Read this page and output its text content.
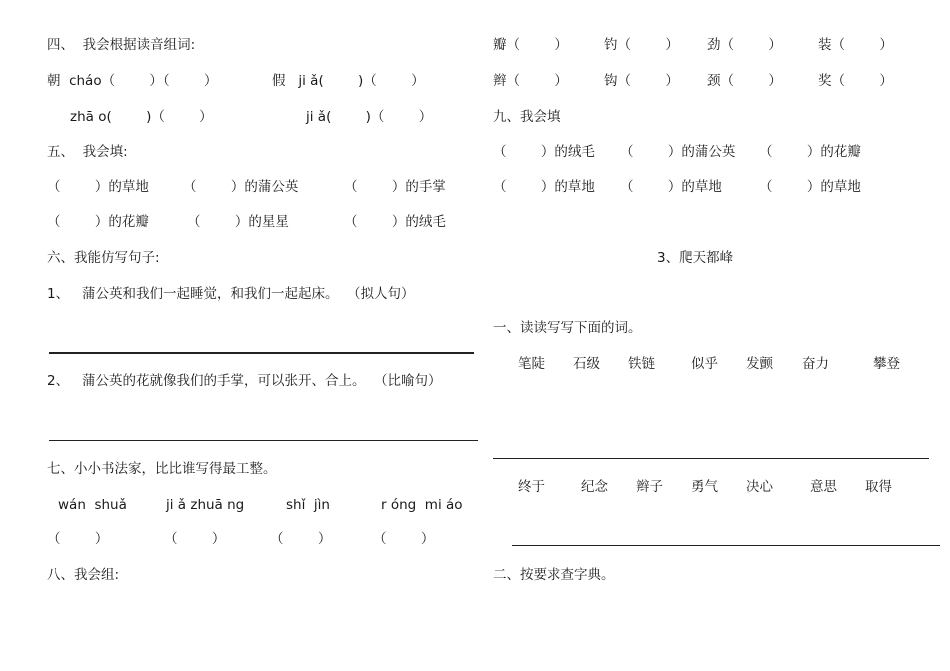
四、  我会根据读音组词:
朝  cháo（        ）（        ）	假   ji ǎ(        )（        ）
zhā o(        )（        ）	ji ǎ(        )（        ）
五、  我会填:
（        ）的草地	（        ）的蒲公英	（        ）的手掌
（        ）的花瓣	（        ）的星星	（        ）的绒毛
六、我能仿写句子:
1、   蒲公英和我们一起睡觉，和我们一起起床。  （拟人句）
2、   蒲公英的花就像我们的手掌，可以张开、合上。  （比喻句）
七、小小书法家，比比谁写得最工整。
wán  shuǎ	ji ǎ zhuā ng	shǐ  jìn	r óng  mi áo
（        ）	（        ）	（        ）	（        ）
八、我会组:
瓣（        ）	钓（        ） 劲（        ）	装（        ）
辫（        ）	钩（        ） 颈（        ）	奖（        ）
九、我会填
（        ）的绒毛 （        ）的蒲公英 （        ）的花瓣
（        ）的草地 （        ）的草地	（        ）的草地
3、爬天都峰
一、读读写写下面的词。
笔陡 石级 铁链	似乎 发颤 奋力	攀登
终于	纪念 辫子 勇气 决心	意思 取得
二、按要求查字典。
